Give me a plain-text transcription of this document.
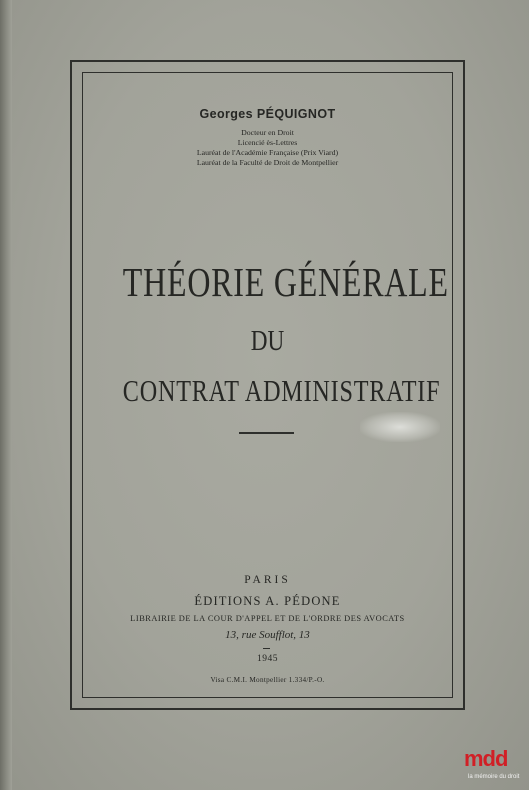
Georges PÉQUIGNOT
Docteur en Droit
Licencié ès-Lettres
Lauréat de l'Académie Française (Prix Viard)
Lauréat de la Faculté de Droit de Montpellier
THÉORIE GÉNÉRALE
DU
CONTRAT ADMINISTRATIF
PARIS
ÉDITIONS A. PÉDONE
LIBRAIRIE DE LA COUR D'APPEL ET DE L'ORDRE DES AVOCATS
13, rue Soufflot, 13
1945
Visa C.M.I. Montpellier 1.334/P.-O.
mdd
la mémoire du droit
